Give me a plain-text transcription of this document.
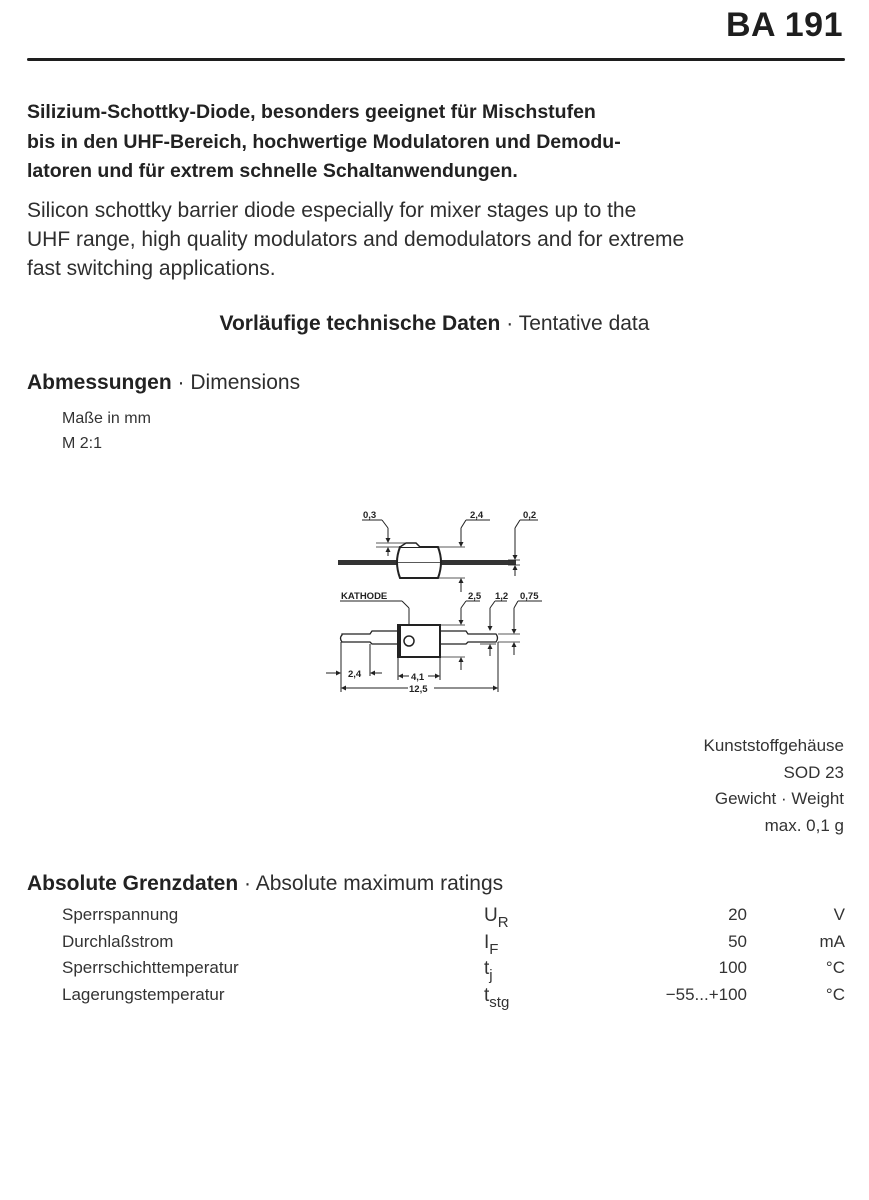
BA 191
Silizium-Schottky-Diode, besonders geeignet für Mischstufen
bis in den UHF-Bereich, hochwertige Modulatoren und Demodu-
latoren und für extrem schnelle Schaltanwendungen.
Silicon schottky barrier diode especially for mixer stages up to the
UHF range, high quality modulators and demodulators and for extreme
fast switching applications.
Vorläufige technische Daten · Tentative data
Abmessungen · Dimensions
Maße in mm
M 2:1
0,3	2,4	0,2
KATHODE	2,5 1,2 0,75
2,4	4,1
12,5
Kunststoffgehäuse
SOD 23
Gewicht · Weight
max. 0,1 g
Absolute Grenzdaten · Absolute maximum ratings
Sperrspannung	$U_R$	20	V
Durchlaßstrom	$I_F$	50	mA
Sperrschichttemperatur	$t_j$	100	°C
Lagerungstemperatur	$t_{stg}$	−55...+100	°C
